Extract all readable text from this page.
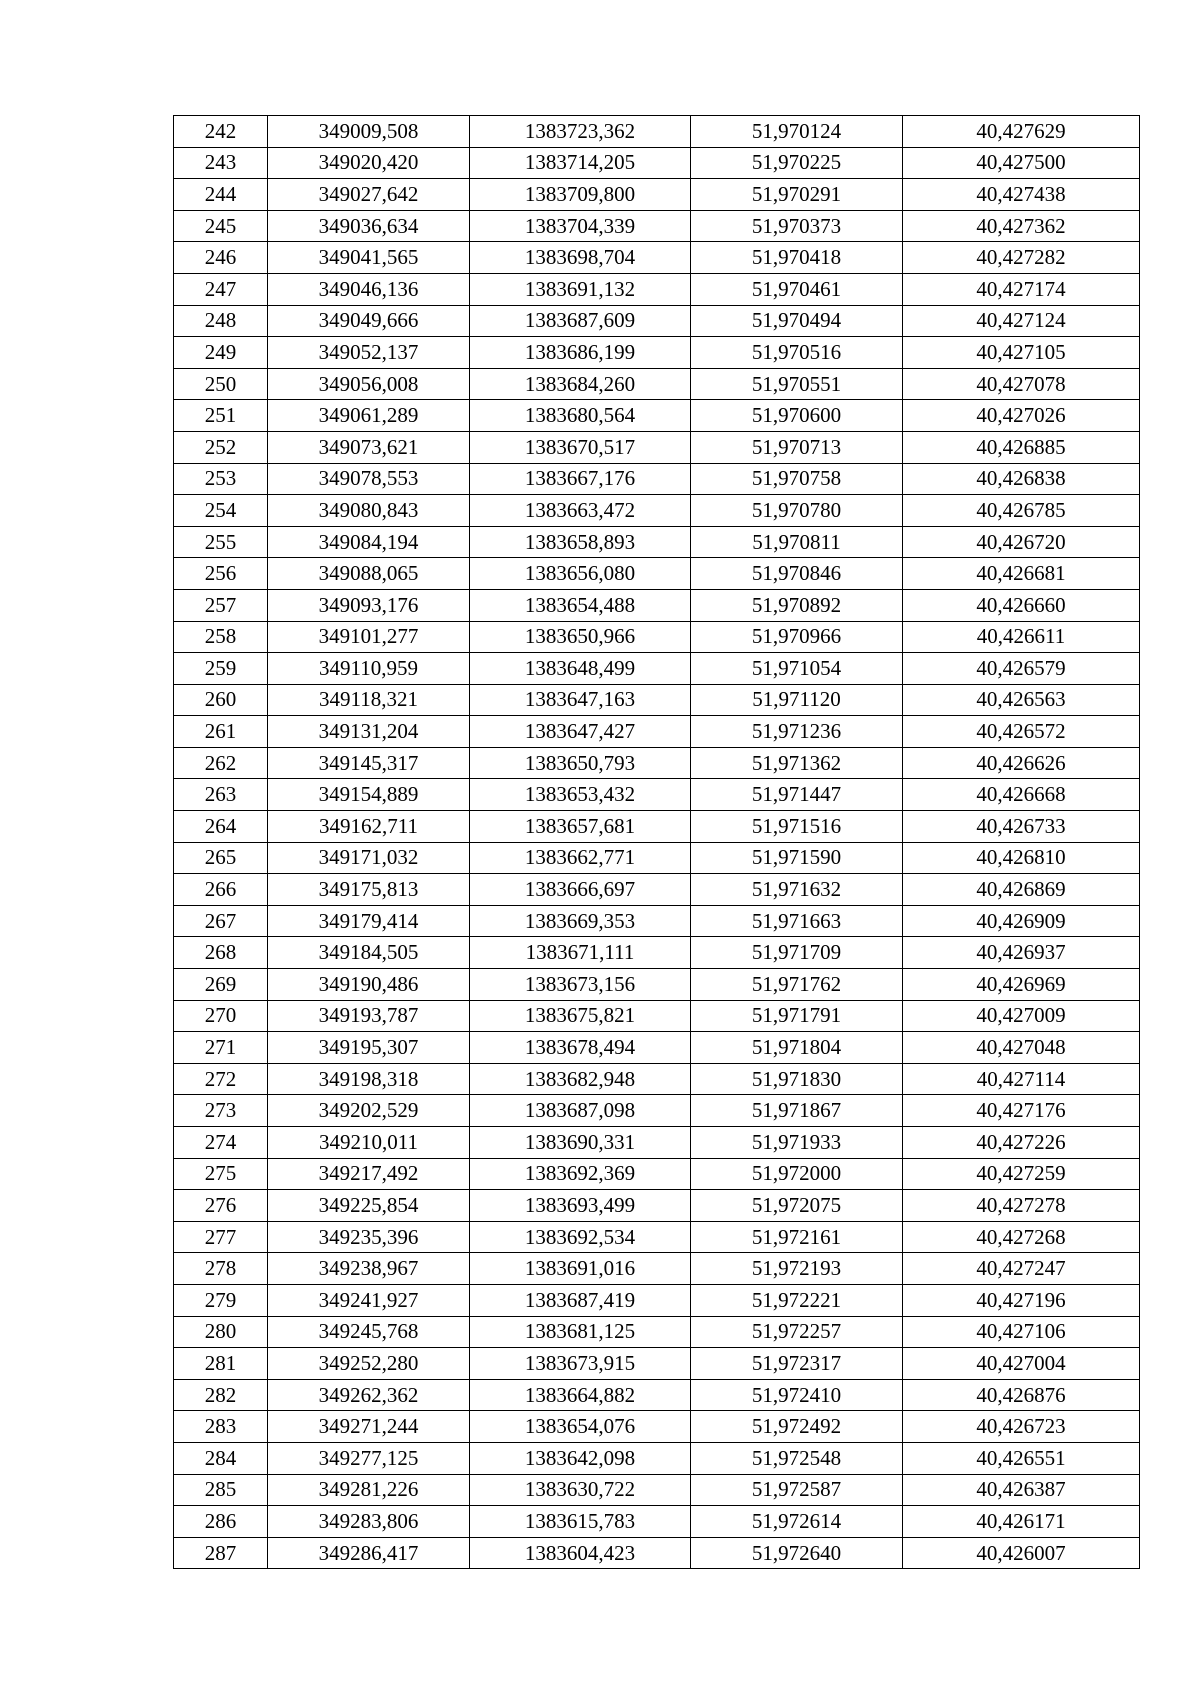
242	349009,508	1383723,362	51,970124	40,427629
243	349020,420	1383714,205	51,970225	40,427500
244	349027,642	1383709,800	51,970291	40,427438
245	349036,634	1383704,339	51,970373	40,427362
246	349041,565	1383698,704	51,970418	40,427282
247	349046,136	1383691,132	51,970461	40,427174
248	349049,666	1383687,609	51,970494	40,427124
249	349052,137	1383686,199	51,970516	40,427105
250	349056,008	1383684,260	51,970551	40,427078
251	349061,289	1383680,564	51,970600	40,427026
252	349073,621	1383670,517	51,970713	40,426885
253	349078,553	1383667,176	51,970758	40,426838
254	349080,843	1383663,472	51,970780	40,426785
255	349084,194	1383658,893	51,970811	40,426720
256	349088,065	1383656,080	51,970846	40,426681
257	349093,176	1383654,488	51,970892	40,426660
258	349101,277	1383650,966	51,970966	40,426611
259	349110,959	1383648,499	51,971054	40,426579
260	349118,321	1383647,163	51,971120	40,426563
261	349131,204	1383647,427	51,971236	40,426572
262	349145,317	1383650,793	51,971362	40,426626
263	349154,889	1383653,432	51,971447	40,426668
264	349162,711	1383657,681	51,971516	40,426733
265	349171,032	1383662,771	51,971590	40,426810
266	349175,813	1383666,697	51,971632	40,426869
267	349179,414	1383669,353	51,971663	40,426909
268	349184,505	1383671,111	51,971709	40,426937
269	349190,486	1383673,156	51,971762	40,426969
270	349193,787	1383675,821	51,971791	40,427009
271	349195,307	1383678,494	51,971804	40,427048
272	349198,318	1383682,948	51,971830	40,427114
273	349202,529	1383687,098	51,971867	40,427176
274	349210,011	1383690,331	51,971933	40,427226
275	349217,492	1383692,369	51,972000	40,427259
276	349225,854	1383693,499	51,972075	40,427278
277	349235,396	1383692,534	51,972161	40,427268
278	349238,967	1383691,016	51,972193	40,427247
279	349241,927	1383687,419	51,972221	40,427196
280	349245,768	1383681,125	51,972257	40,427106
281	349252,280	1383673,915	51,972317	40,427004
282	349262,362	1383664,882	51,972410	40,426876
283	349271,244	1383654,076	51,972492	40,426723
284	349277,125	1383642,098	51,972548	40,426551
285	349281,226	1383630,722	51,972587	40,426387
286	349283,806	1383615,783	51,972614	40,426171
287	349286,417	1383604,423	51,972640	40,426007
